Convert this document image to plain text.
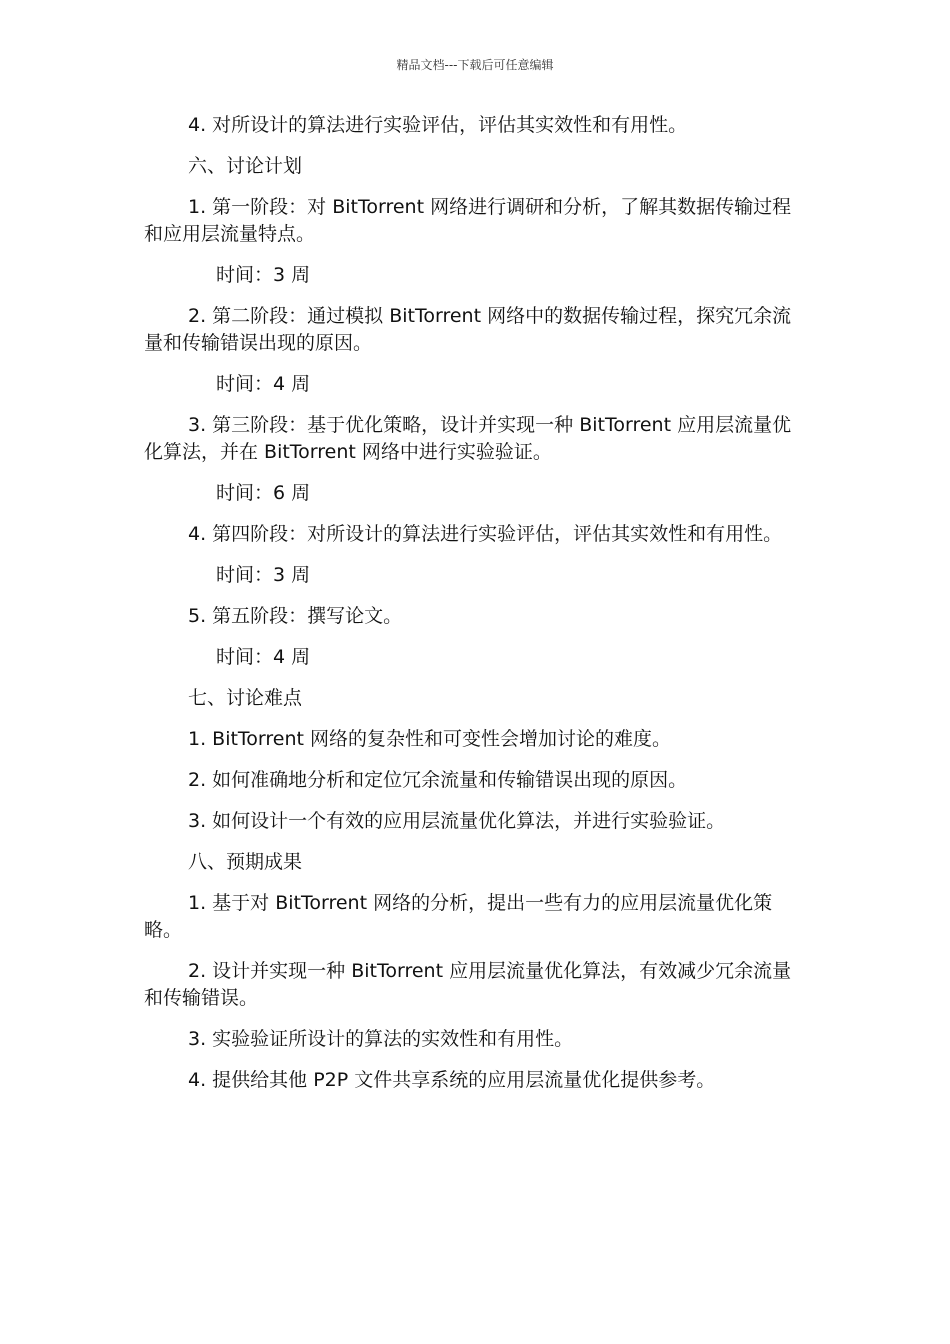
精品文档---下载后可任意编辑

4. 对所设计的算法进行实验评估，评估其实效性和有用性。

六、讨论计划

1. 第一阶段：对 BitTorrent 网络进行调研和分析，了解其数据传输过程和应用层流量特点。

时间：3 周

2. 第二阶段：通过模拟 BitTorrent 网络中的数据传输过程，探究冗余流量和传输错误出现的原因。

时间：4 周

3. 第三阶段：基于优化策略，设计并实现一种 BitTorrent 应用层流量优化算法，并在 BitTorrent 网络中进行实验验证。

时间：6 周

4. 第四阶段：对所设计的算法进行实验评估，评估其实效性和有用性。

时间：3 周

5. 第五阶段：撰写论文。

时间：4 周

七、讨论难点

1. BitTorrent 网络的复杂性和可变性会增加讨论的难度。

2. 如何准确地分析和定位冗余流量和传输错误出现的原因。

3. 如何设计一个有效的应用层流量优化算法，并进行实验验证。

八、预期成果

1. 基于对 BitTorrent 网络的分析，提出一些有力的应用层流量优化策略。

2. 设计并实现一种 BitTorrent 应用层流量优化算法，有效减少冗余流量和传输错误。

3. 实验验证所设计的算法的实效性和有用性。

4. 提供给其他 P2P 文件共享系统的应用层流量优化提供参考。
